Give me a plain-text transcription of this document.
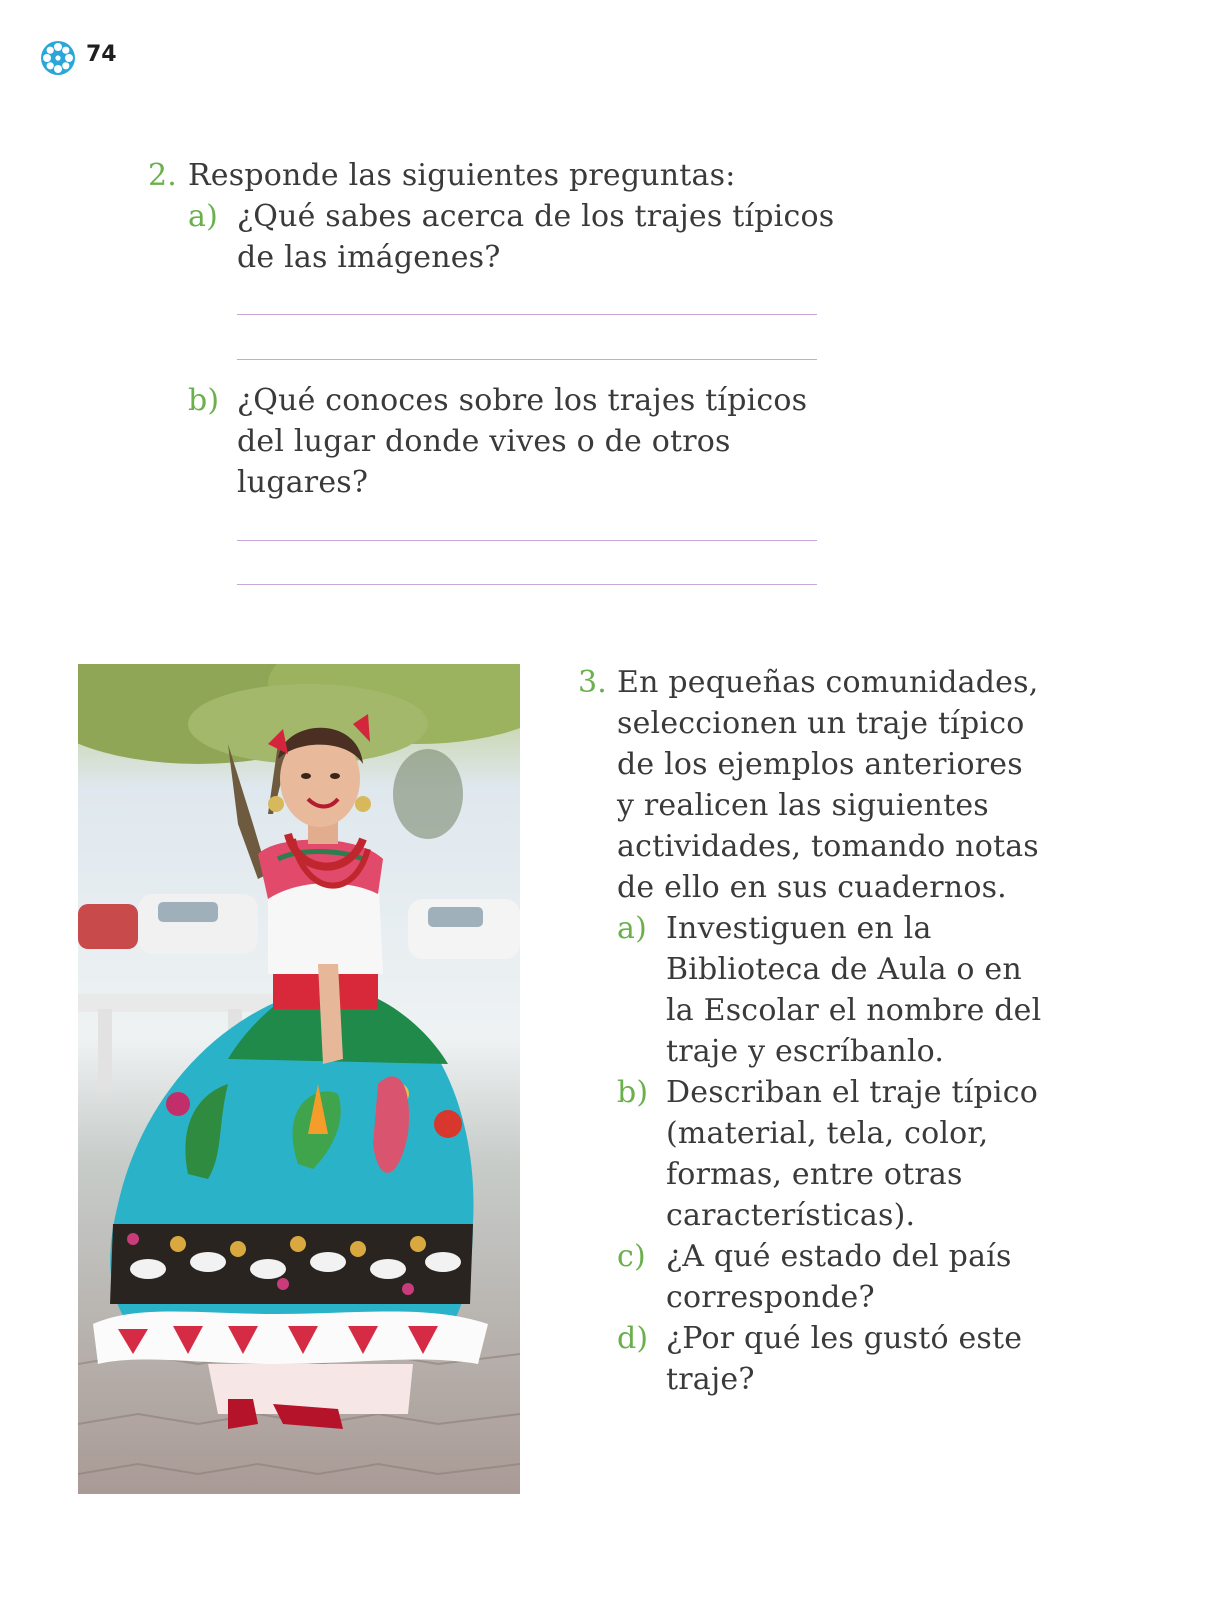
74
2. Responde las siguientes preguntas:
a) ¿Qué sabes acerca de los trajes típicos
de las imágenes?
b) ¿Qué conoces sobre los trajes típicos
del lugar donde vives o de otros
lugares?
3. En pequeñas comunidades,
seleccionen un traje típico
de los ejemplos anteriores
y realicen las siguientes
actividades, tomando notas
de ello en sus cuadernos.
a) Investiguen en la
Biblioteca de Aula o en
la Escolar el nombre del
traje y escríbanlo.
b) Describan el traje típico
(material, tela, color,
formas, entre otras
características).
c) ¿A qué estado del país
corresponde?
d) ¿Por qué les gustó este
traje?
